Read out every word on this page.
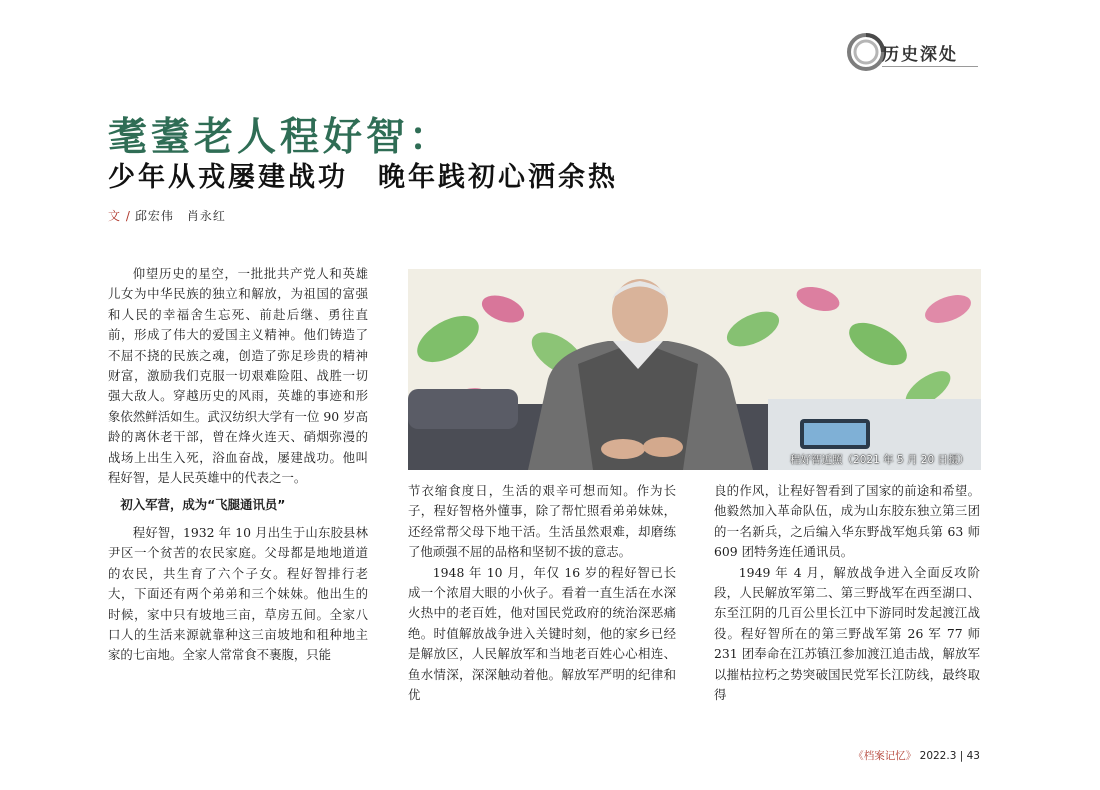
历史深处
耄耋老人程好智：
少年从戎屡建战功　晚年践初心洒余热
文 / 邱宏伟　肖永红

仰望历史的星空，一批批共产党人和英雄儿女为中华民族的独立和解放，为祖国的富强和人民的幸福舍生忘死、前赴后继、勇往直前，形成了伟大的爱国主义精神。他们铸造了不屈不挠的民族之魂，创造了弥足珍贵的精神财富，激励我们克服一切艰难险阻、战胜一切强大敌人。穿越历史的风雨，英雄的事迹和形象依然鲜活如生。武汉纺织大学有一位 90 岁高龄的离休老干部，曾在烽火连天、硝烟弥漫的战场上出生入死，浴血奋战，屡建战功。他叫程好智，是人民英雄中的代表之一。

初入军营，成为“飞腿通讯员”

程好智，1932 年 10 月出生于山东胶县林尹区一个贫苦的农民家庭。父母都是地地道道的农民，共生育了六个子女。程好智排行老大，下面还有两个弟弟和三个妹妹。他出生的时候，家中只有坡地三亩，草房五间。全家八口人的生活来源就靠种这三亩坡地和租种地主家的七亩地。全家人常常食不裹腹，只能

程好智近照（2021 年 5 月 20 日摄）

节衣缩食度日，生活的艰辛可想而知。作为长子，程好智格外懂事，除了帮忙照看弟弟妹妹，还经常帮父母下地干活。生活虽然艰难，却磨练了他顽强不屈的品格和坚韧不拔的意志。

1948 年 10 月，年仅 16 岁的程好智已长成一个浓眉大眼的小伙子。看着一直生活在水深火热中的老百姓，他对国民党政府的统治深恶痛绝。时值解放战争进入关键时刻，他的家乡已经是解放区，人民解放军和当地老百姓心心相连、鱼水情深，深深触动着他。解放军严明的纪律和优

良的作风，让程好智看到了国家的前途和希望。他毅然加入革命队伍，成为山东胶东独立第三团的一名新兵，之后编入华东野战军炮兵第 63 师 609 团特务连任通讯员。

1949 年 4 月，解放战争进入全面反攻阶段，人民解放军第二、第三野战军在西至湖口、东至江阴的几百公里长江中下游同时发起渡江战役。程好智所在的第三野战军第 26 军 77 师 231 团奉命在江苏镇江参加渡江追击战，解放军以摧枯拉朽之势突破国民党军长江防线，最终取得

《档案记忆》 2022.3 | 43
